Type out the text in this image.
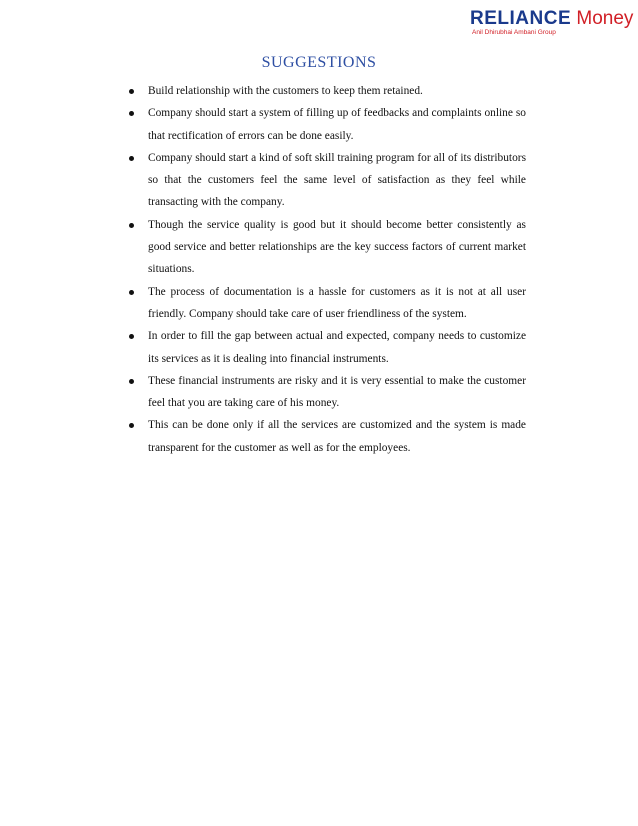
RELIANCE Money
Anil Dhirubhai Ambani Group
SUGGESTIONS
Build relationship with the customers to keep them retained.
Company should start a system of filling up of feedbacks and complaints online so that rectification of errors can be done easily.
Company should start a kind of soft skill training program for all of its distributors so that the customers feel the same level of satisfaction as they feel while transacting with the company.
Though the service quality is good but it should become better consistently as good service and better relationships are the key success factors of current market situations.
The process of documentation is a hassle for customers as it is not at all user friendly. Company should take care of user friendliness of the system.
In order to fill the gap between actual and expected, company needs to customize its services as it is dealing into financial instruments.
These financial instruments are risky and it is very essential to make the customer feel that you are taking care of his money.
This can be done only if all the services are customized and the system is made transparent for the customer as well as for the employees.
